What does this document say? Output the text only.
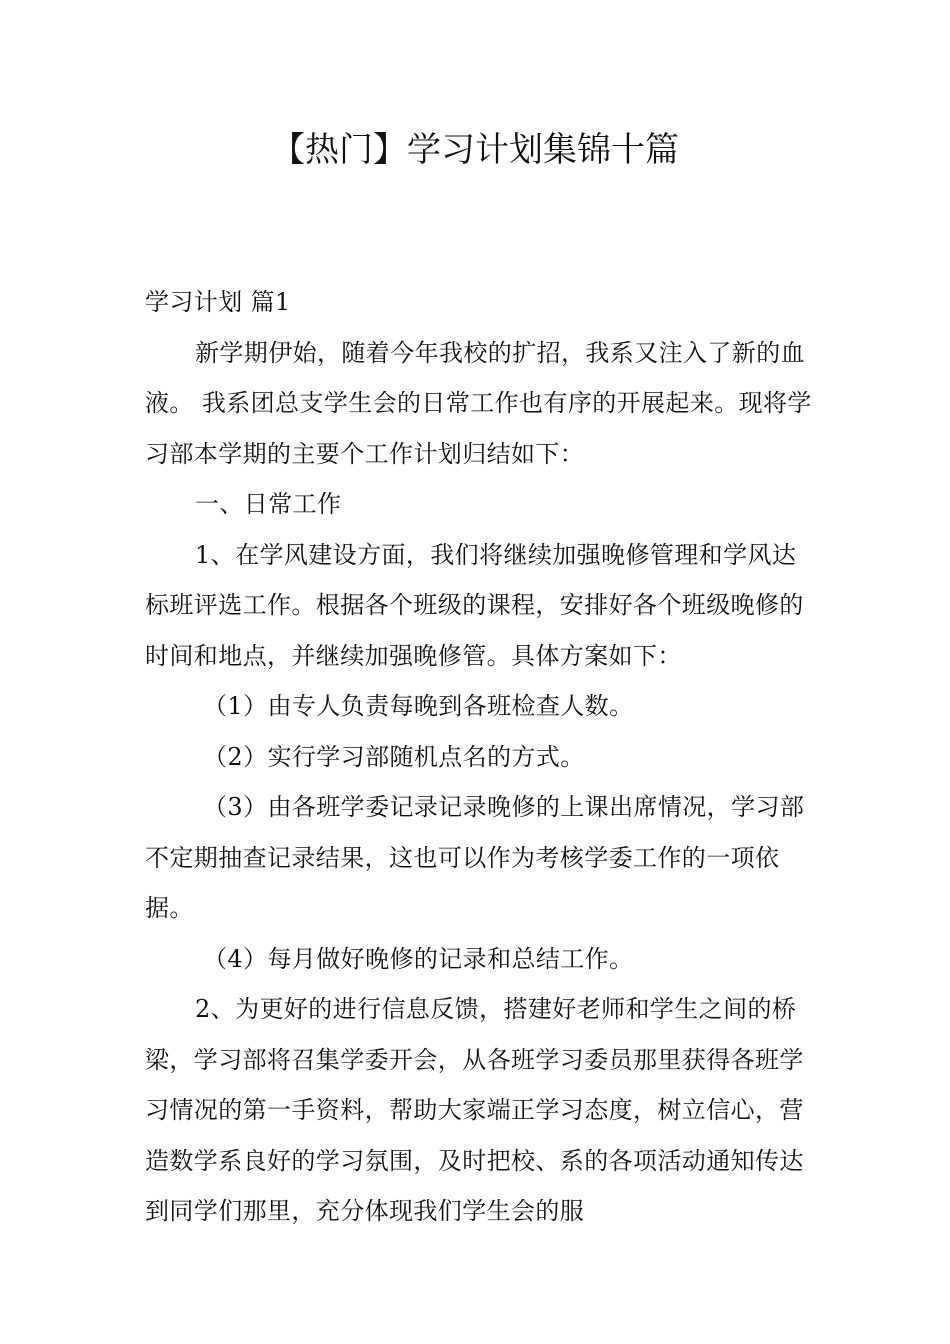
【热门】学习计划集锦十篇

学习计划 篇1

新学期伊始，随着今年我校的扩招，我系又注入了新的血液。 我系团总支学生会的日常工作也有序的开展起来。现将学习部本学期的主要个工作计划归结如下：

一、日常工作

1、在学风建设方面，我们将继续加强晚修管理和学风达标班评选工作。根据各个班级的课程，安排好各个班级晚修的时间和地点，并继续加强晚修管。具体方案如下：

（1）由专人负责每晚到各班检查人数。

（2）实行学习部随机点名的方式。

（3）由各班学委记录记录晚修的上课出席情况，学习部不定期抽查记录结果，这也可以作为考核学委工作的一项依据。

（4）每月做好晚修的记录和总结工作。

2、为更好的进行信息反馈，搭建好老师和学生之间的桥梁，学习部将召集学委开会，从各班学习委员那里获得各班学习情况的第一手资料，帮助大家端正学习态度，树立信心，营造数学系良好的学习氛围，及时把校、系的各项活动通知传达到同学们那里，充分体现我们学生会的服
